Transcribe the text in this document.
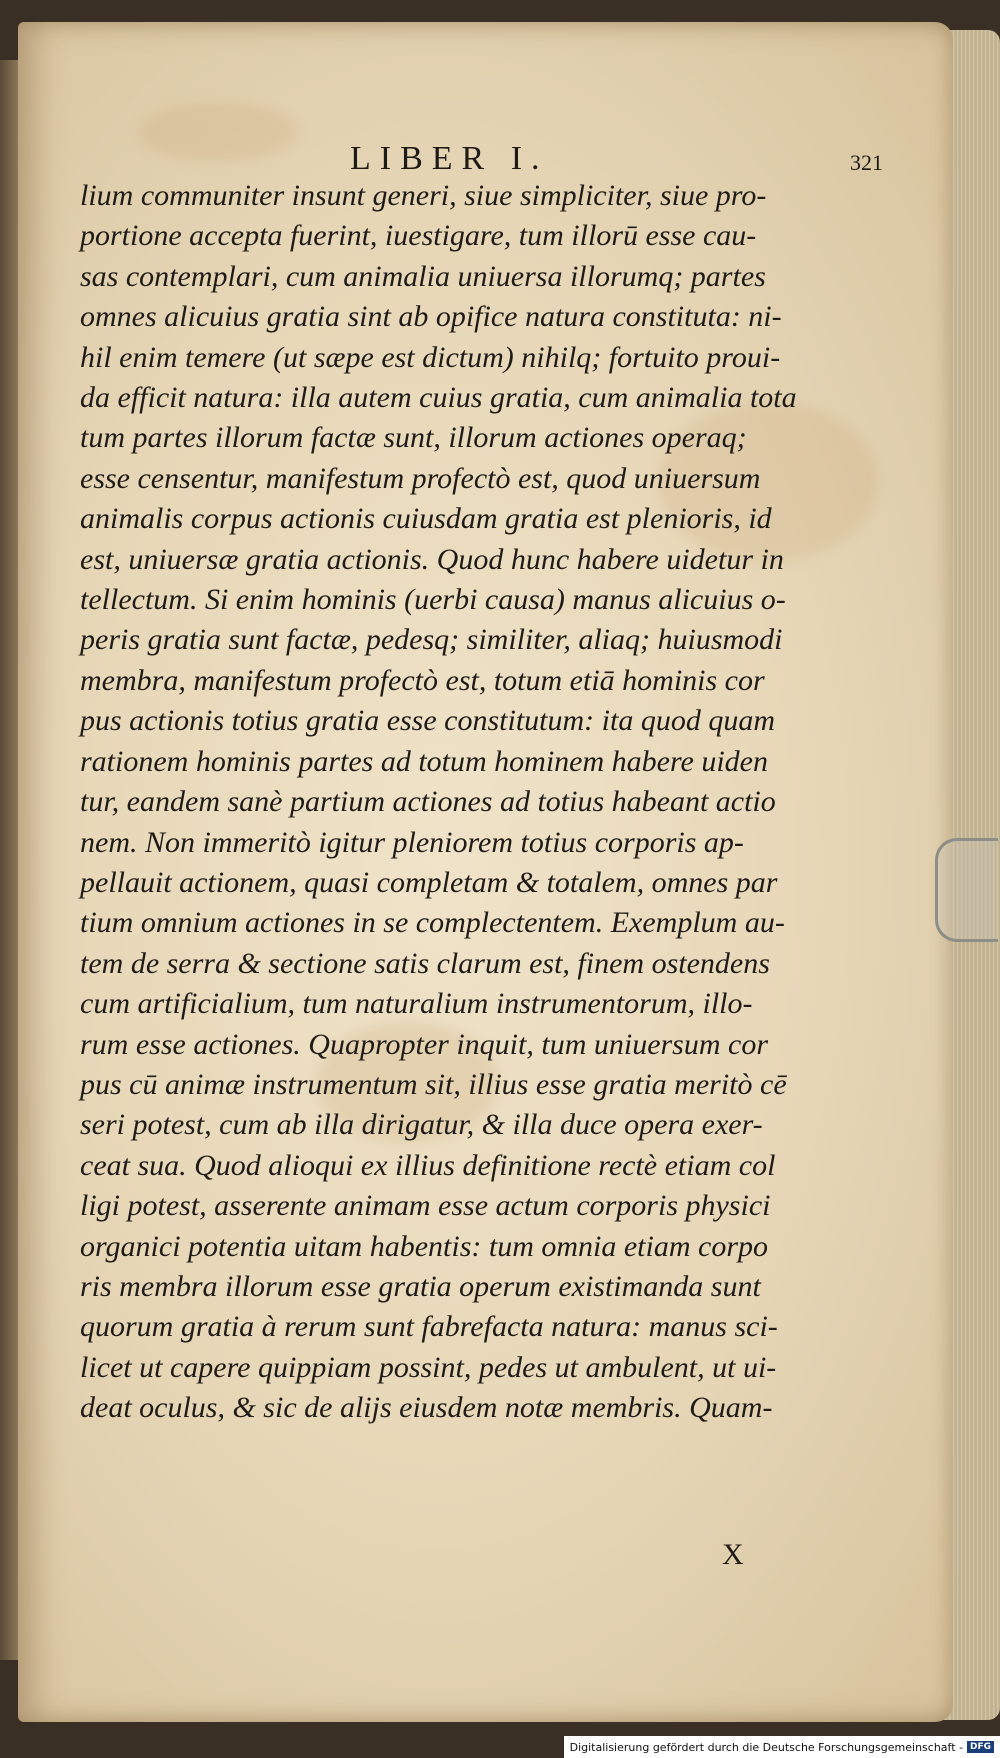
LIBER I.	321
lium communiter insunt generi, siue simpliciter, siue pro-
portione accepta fuerint, iuestigare, tum illorū esse cau-
sas contemplari, cum animalia uniuersa illorumq; partes
omnes alicuius gratia sint ab opifice natura constituta: ni-
hil enim temere (ut sæpe est dictum) nihilq; fortuito proui-
da efficit natura: illa autem cuius gratia, cum animalia tota
tum partes illorum factæ sunt, illorum actiones operaq;
esse censentur, manifestum profectò est, quod uniuersum
animalis corpus actionis cuiusdam gratia est plenioris, id
est, uniuersæ gratia actionis. Quod hunc habere uidetur in
tellectum. Si enim hominis (uerbi causa) manus alicuius o-
peris gratia sunt factæ, pedesq; similiter, aliaq; huiusmodi
membra, manifestum profectò est, totum etiā hominis cor
pus actionis totius gratia esse constitutum: ita quod quam
rationem hominis partes ad totum hominem habere uiden
tur, eandem sanè partium actiones ad totius habeant actio
nem. Non immeritò igitur pleniorem totius corporis ap-
pellauit actionem, quasi completam & totalem, omnes par
tium omnium actiones in se complectentem. Exemplum au-
tem de serra & sectione satis clarum est, finem ostendens
cum artificialium, tum naturalium instrumentorum, illo-
rum esse actiones. Quapropter inquit, tum uniuersum cor
pus cū animæ instrumentum sit, illius esse gratia meritò cē
seri potest, cum ab illa dirigatur, & illa duce opera exer-
ceat sua. Quod alioqui ex illius definitione rectè etiam col
ligi potest, asserente animam esse actum corporis physici
organici potentia uitam habentis: tum omnia etiam corpo
ris membra illorum esse gratia operum existimanda sunt
quorum gratia à rerum sunt fabrefacta natura: manus sci-
licet ut capere quippiam possint, pedes ut ambulent, ut ui-
deat oculus, & sic de alijs eiusdem notæ membris. Quam-
X
Digitalisierung gefördert durch die Deutsche Forschungsgemeinschaft - DFG
